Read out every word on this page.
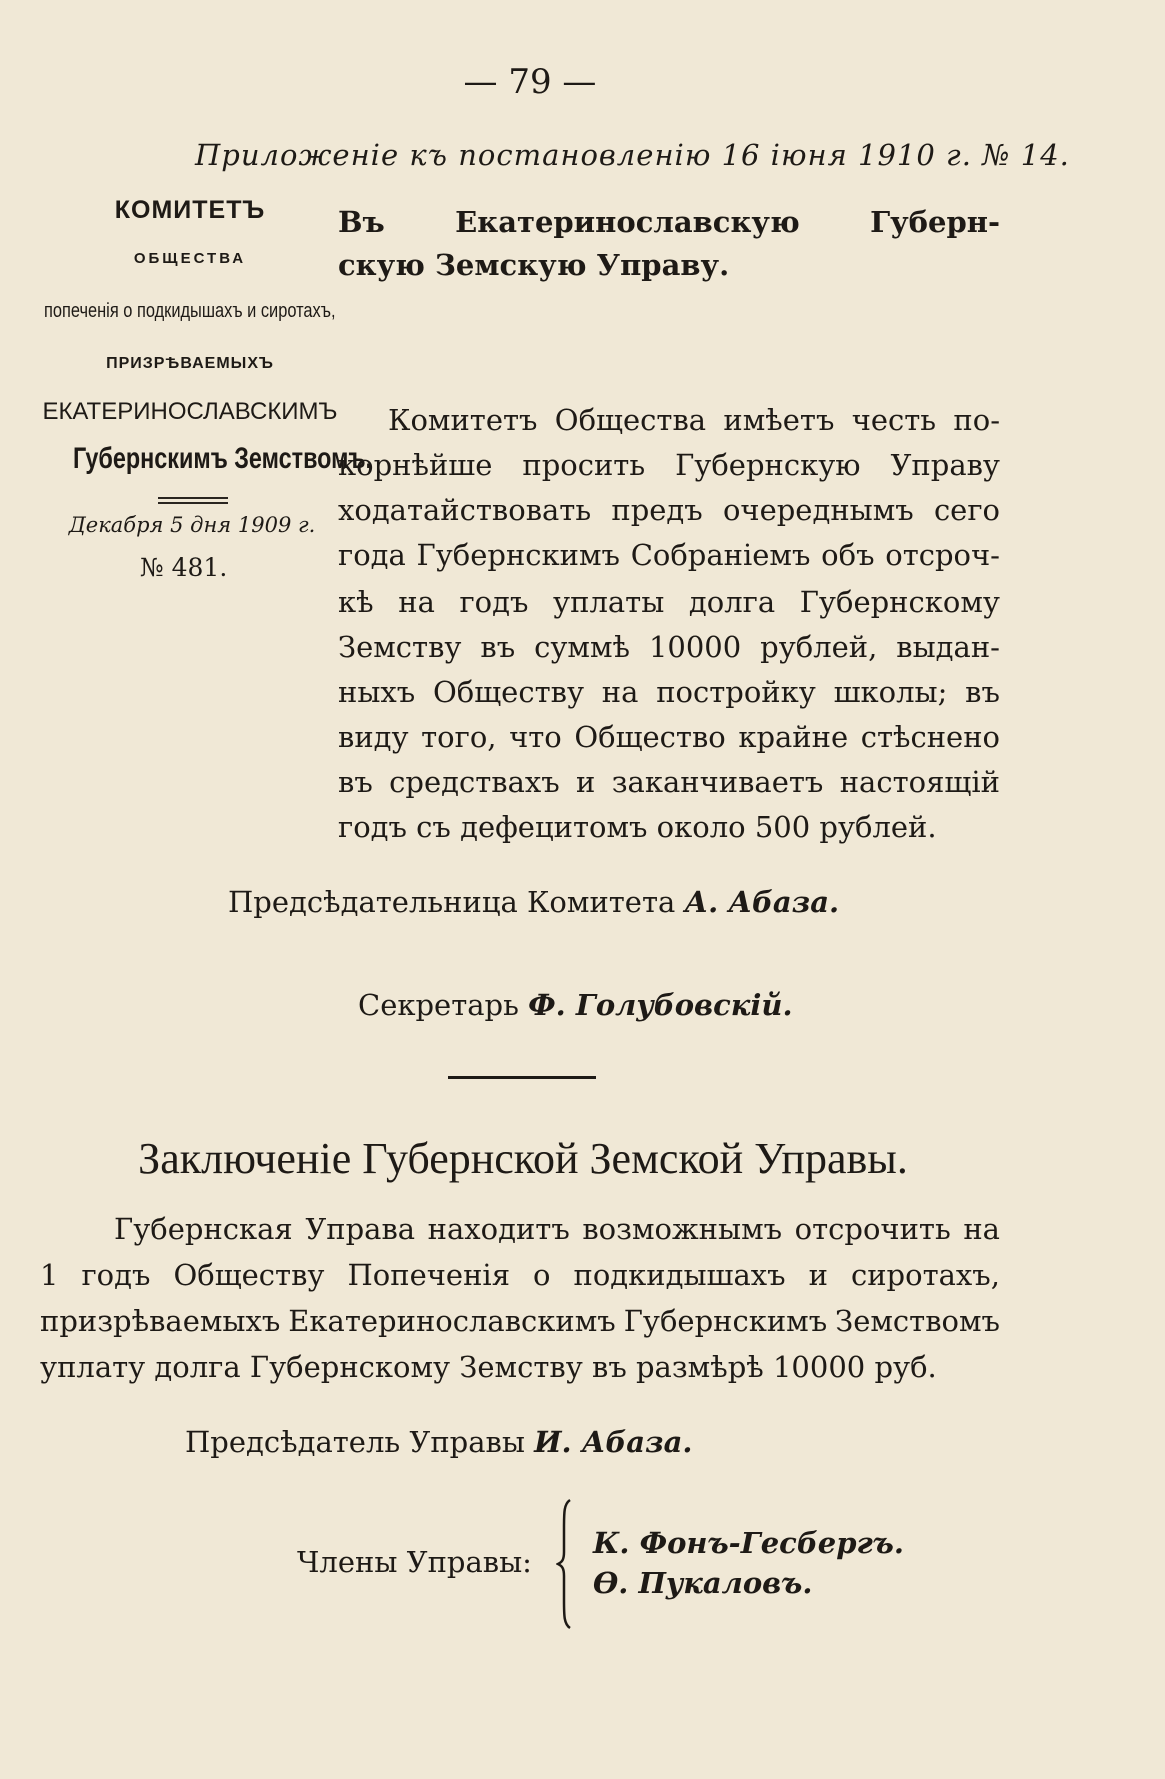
— 79 —
Приложеніе къ постановленію 16 іюня 1910 г. № 14.
КОМИТЕТЪ
ОБЩЕСТВА
попеченія о подкидышахъ и сиротахъ,
ПРИЗРѢВАЕМЫХЪ
ЕКАТЕРИНОСЛАВСКИМЪ
Губернскимъ Земствомъ.
Декабря 5 дня 1909 г.
№ 481.
Въ Екатеринославскую Губерн-
скую Земскую Управу.
Комитетъ Общества имѣетъ честь по-
корнѣйше просить Губернскую Управу
ходатайствовать предъ очереднымъ сего
года Губернскимъ Собраніемъ объ отсроч-
кѣ на годъ уплаты долга Губернскому
Земству въ суммѣ 10000 рублей, выдан-
ныхъ Обществу на постройку школы; въ
виду того, что Общество крайне стѣснено
въ средствахъ и заканчиваетъ настоящій
годъ съ дефецитомъ около 500 рублей.
Предсѣдательница Комитета А. Абаза.
Секретарь Ф. Голубовскій.
Заключеніе Губернской Земской Управы.
Губернская Управа находитъ возможнымъ отсрочить на
1 годъ Обществу Попеченія о подкидышахъ и сиротахъ,
призрѣваемыхъ Екатеринославскимъ Губернскимъ Земствомъ
уплату долга Губернскому Земству въ размѣрѣ 10000 руб.
Предсѣдатель Управы И. Абаза.
Члены Управы:
К. Фонъ-Гесбергъ.
Ѳ. Пукаловъ.
